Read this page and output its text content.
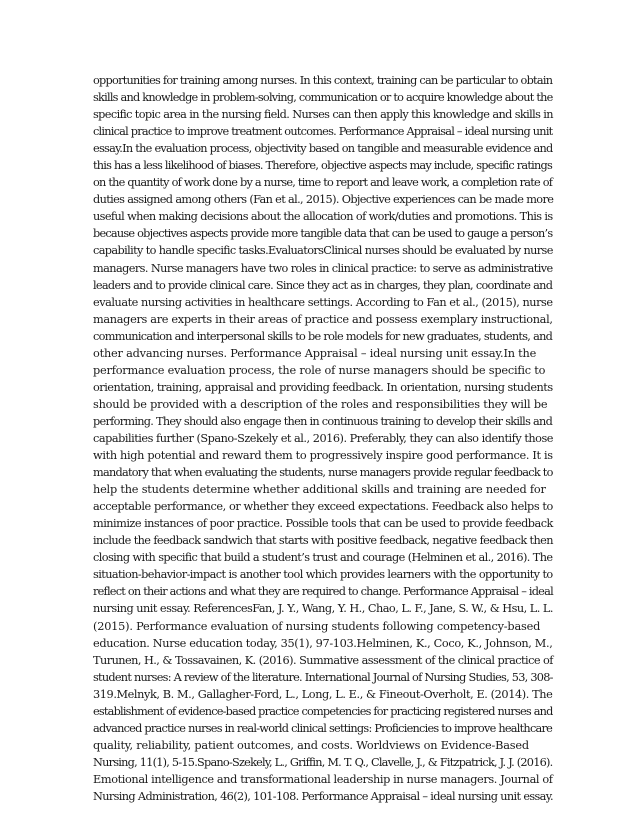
opportunities for training among nurses. In this context, training can be particular to obtain
skills and knowledge in problem-solving, communication or to acquire knowledge about the
specific topic area in the nursing field. Nurses can then apply this knowledge and skills in
clinical practice to improve treatment outcomes. Performance Appraisal – ideal nursing unit
essay.In the evaluation process, objectivity based on tangible and measurable evidence and
this has a less likelihood of biases. Therefore, objective aspects may include, specific ratings
on the quantity of work done by a nurse, time to report and leave work, a completion rate of
duties assigned among others (Fan et al., 2015). Objective experiences can be made more
useful when making decisions about the allocation of work/duties and promotions. This is
because objectives aspects provide more tangible data that can be used to gauge a person’s
capability to handle specific tasks.EvaluatorsClinical nurses should be evaluated by nurse
managers. Nurse managers have two roles in clinical practice: to serve as administrative
leaders and to provide clinical care. Since they act as in charges, they plan, coordinate and
evaluate nursing activities in healthcare settings. According to Fan et al., (2015), nurse
managers are experts in their areas of practice and possess exemplary instructional,
communication and interpersonal skills to be role models for new graduates, students, and
other advancing nurses. Performance Appraisal – ideal nursing unit essay.In the
performance evaluation process, the role of nurse managers should be specific to
orientation, training, appraisal and providing feedback. In orientation, nursing students
should be provided with a description of the roles and responsibilities they will be
performing. They should also engage then in continuous training to develop their skills and
capabilities further (Spano-Szekely et al., 2016). Preferably, they can also identify those
with high potential and reward them to progressively inspire good performance. It is
mandatory that when evaluating the students, nurse managers provide regular feedback to
help the students determine whether additional skills and training are needed for
acceptable performance, or whether they exceed expectations. Feedback also helps to
minimize instances of poor practice. Possible tools that can be used to provide feedback
include the feedback sandwich that starts with positive feedback, negative feedback then
closing with specific that build a student’s trust and courage (Helminen et al., 2016). The
situation-behavior-impact is another tool which provides learners with the opportunity to
reflect on their actions and what they are required to change. Performance Appraisal – ideal
nursing unit essay. ReferencesFan, J. Y., Wang, Y. H., Chao, L. F., Jane, S. W., & Hsu, L. L.
(2015). Performance evaluation of nursing students following competency-based
education. Nurse education today, 35(1), 97-103.Helminen, K., Coco, K., Johnson, M.,
Turunen, H., & Tossavainen, K. (2016). Summative assessment of the clinical practice of
student nurses: A review of the literature. International Journal of Nursing Studies, 53, 308-
319.Melnyk, B. M., Gallagher-Ford, L., Long, L. E., & Fineout-Overholt, E. (2014). The
establishment of evidence-based practice competencies for practicing registered nurses and
advanced practice nurses in real-world clinical settings: Proficiencies to improve healthcare
quality, reliability, patient outcomes, and costs. Worldviews on Evidence-Based
Nursing, 11(1), 5-15.Spano-Szekely, L., Griffin, M. T. Q., Clavelle, J., & Fitzpatrick, J. J. (2016).
Emotional intelligence and transformational leadership in nurse managers. Journal of
Nursing Administration, 46(2), 101-108. Performance Appraisal – ideal nursing unit essay.
